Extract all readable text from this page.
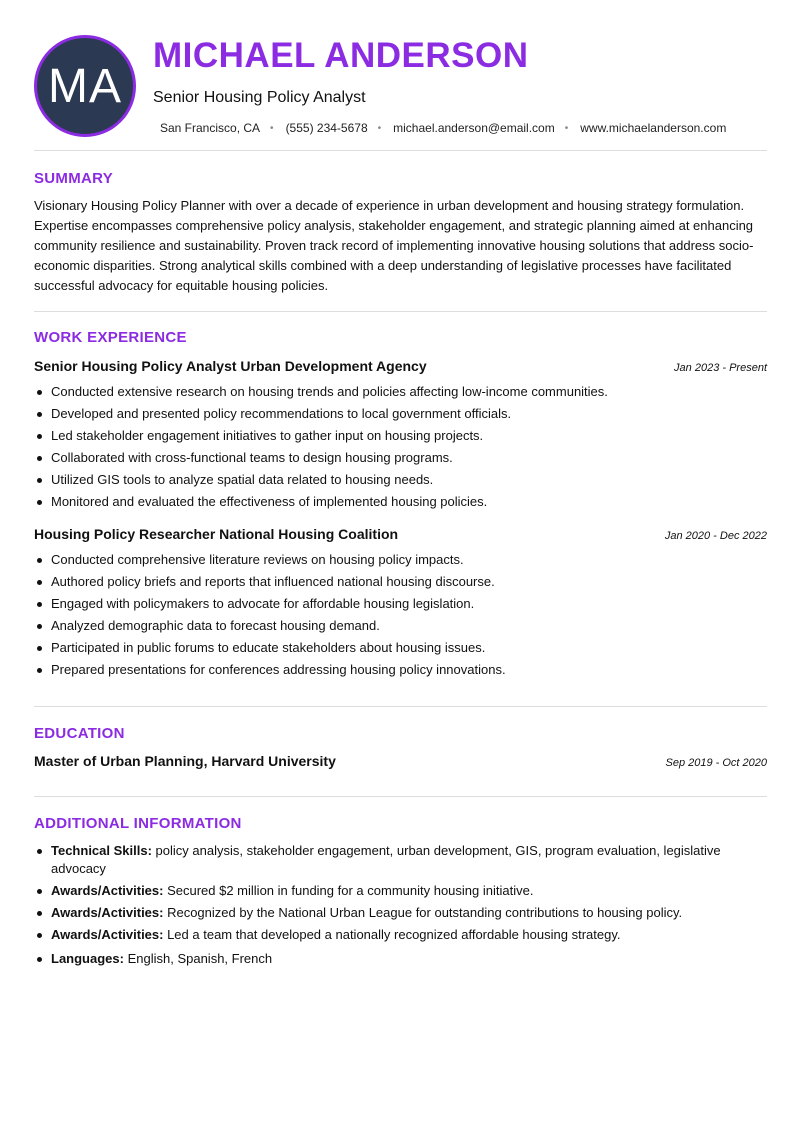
MA
MICHAEL ANDERSON
Senior Housing Policy Analyst
San Francisco, CA • (555) 234-5678 • michael.anderson@email.com • www.michaelanderson.com
SUMMARY

Visionary Housing Policy Planner with over a decade of experience in urban development and housing strategy formulation. Expertise encompasses comprehensive policy analysis, stakeholder engagement, and strategic planning aimed at enhancing community resilience and sustainability. Proven track record of implementing innovative housing solutions that address socio-economic disparities. Strong analytical skills combined with a deep understanding of legislative processes have facilitated successful advocacy for equitable housing policies.

WORK EXPERIENCE
Senior Housing Policy Analyst Urban Development Agency	Jan 2023 - Present
Conducted extensive research on housing trends and policies affecting low-income communities.
Developed and presented policy recommendations to local government officials.
Led stakeholder engagement initiatives to gather input on housing projects.
Collaborated with cross-functional teams to design housing programs.
Utilized GIS tools to analyze spatial data related to housing needs.
Monitored and evaluated the effectiveness of implemented housing policies.
Housing Policy Researcher National Housing Coalition	Jan 2020 - Dec 2022
Conducted comprehensive literature reviews on housing policy impacts.
Authored policy briefs and reports that influenced national housing discourse.
Engaged with policymakers to advocate for affordable housing legislation.
Analyzed demographic data to forecast housing demand.
Participated in public forums to educate stakeholders about housing issues.
Prepared presentations for conferences addressing housing policy innovations.
EDUCATION
Master of Urban Planning, Harvard University	Sep 2019 - Oct 2020
ADDITIONAL INFORMATION
Technical Skills: policy analysis, stakeholder engagement, urban development, GIS, program evaluation, legislative advocacy
Awards/Activities: Secured $2 million in funding for a community housing initiative.
Awards/Activities: Recognized by the National Urban League for outstanding contributions to housing policy.
Awards/Activities: Led a team that developed a nationally recognized affordable housing strategy.
Languages: English, Spanish, French
